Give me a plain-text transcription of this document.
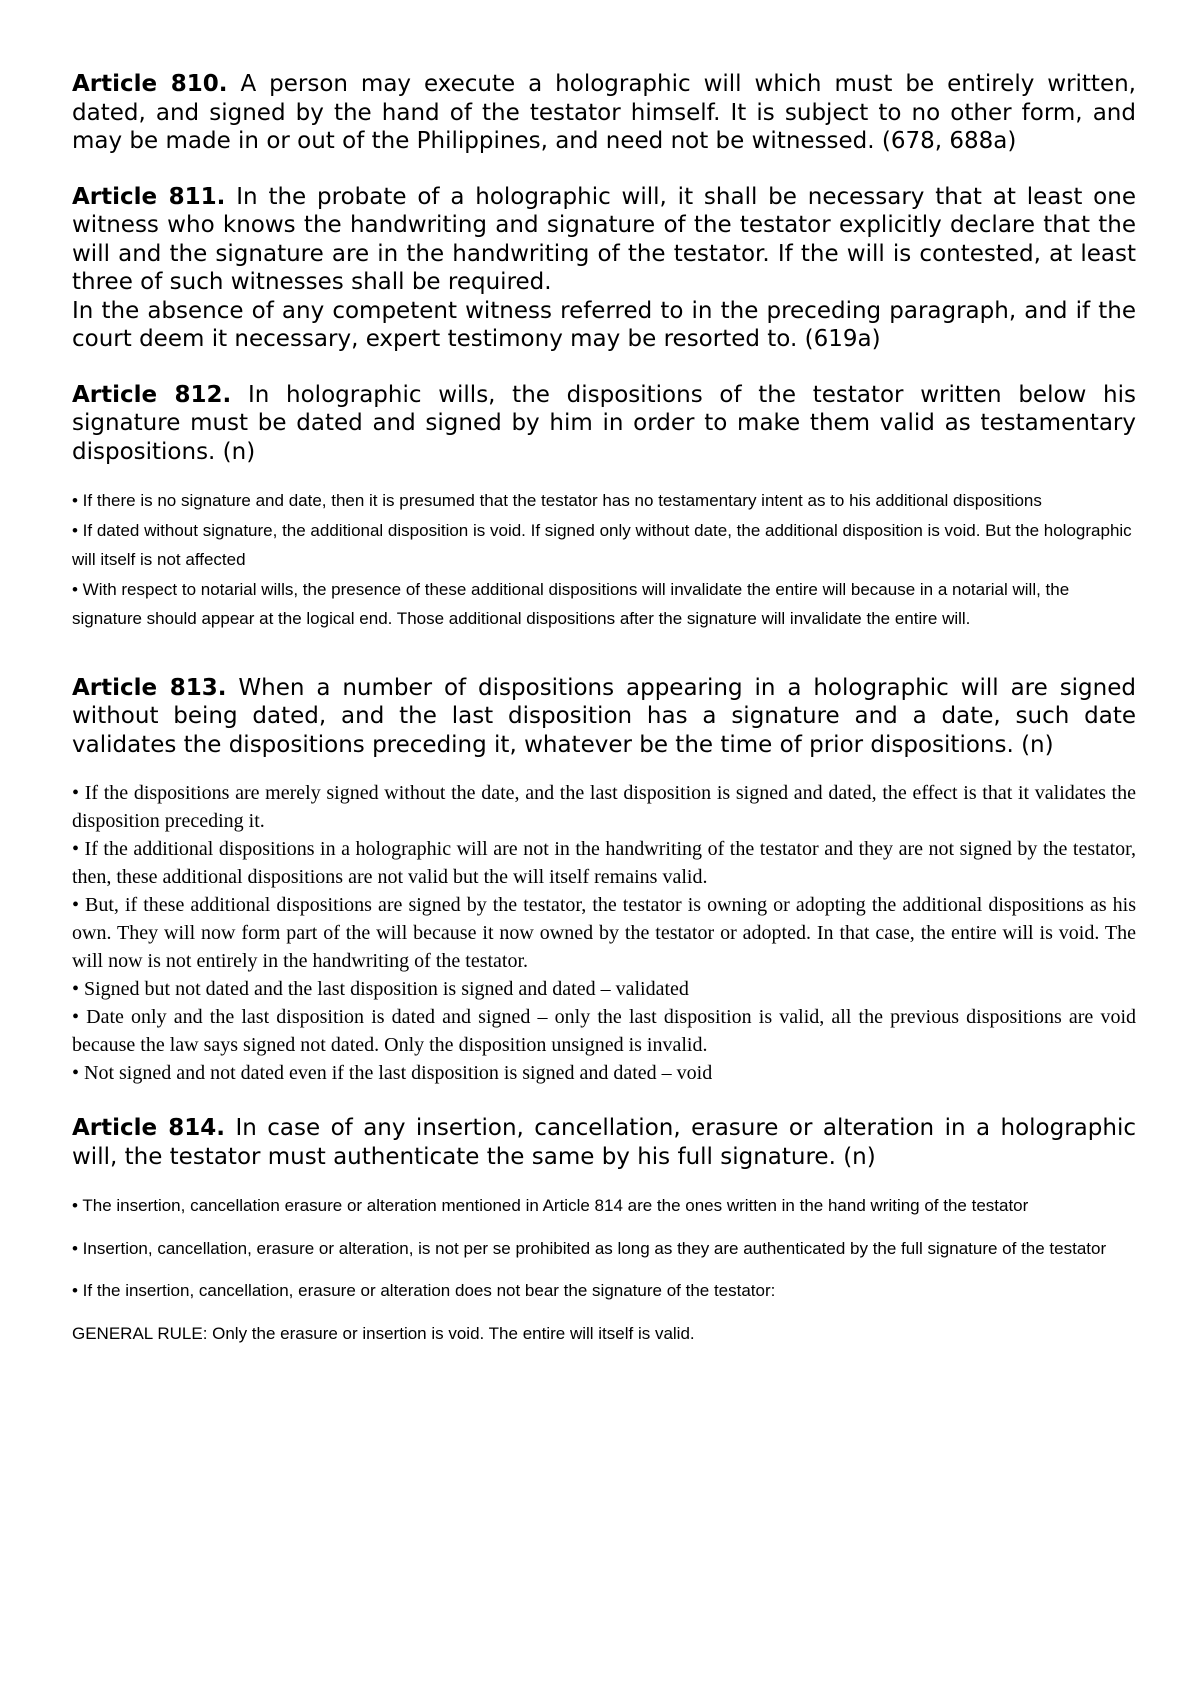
Article 810. A person may execute a holographic will which must be entirely written, dated, and signed by the hand of the testator himself. It is subject to no other form, and may be made in or out of the Philippines, and need not be witnessed. (678, 688a)

Article 811. In the probate of a holographic will, it shall be necessary that at least one witness who knows the handwriting and signature of the testator explicitly declare that the will and the signature are in the handwriting of the testator. If the will is contested, at least three of such witnesses shall be required.

In the absence of any competent witness referred to in the preceding paragraph, and if the court deem it necessary, expert testimony may be resorted to. (619a)

Article 812. In holographic wills, the dispositions of the testator written below his signature must be dated and signed by him in order to make them valid as testamentary dispositions. (n)

• If there is no signature and date, then it is presumed that the testator has no testamentary intent as to his additional dispositions

• If dated without signature, the additional disposition is void. If signed only without date, the additional disposition is void. But the holographic will itself is not affected

• With respect to notarial wills, the presence of these additional dispositions will invalidate the entire will because in a notarial will, the signature should appear at the logical end. Those additional dispositions after the signature will invalidate the entire will.

Article 813. When a number of dispositions appearing in a holographic will are signed without being dated, and the last disposition has a signature and a date, such date validates the dispositions preceding it, whatever be the time of prior dispositions. (n)

• If the dispositions are merely signed without the date, and the last disposition is signed and dated, the effect is that it validates the disposition preceding it.

• If the additional dispositions in a holographic will are not in the handwriting of the testator and they are not signed by the testator, then, these additional dispositions are not valid but the will itself remains valid.

• But, if these additional dispositions are signed by the testator, the testator is owning or adopting the additional dispositions as his own. They will now form part of the will because it now owned by the testator or adopted. In that case, the entire will is void. The will now is not entirely in the handwriting of the testator.

• Signed but not dated and the last disposition is signed and dated – validated

• Date only and the last disposition is dated and signed – only the last disposition is valid, all the previous dispositions are void because the law says signed not dated. Only the disposition unsigned is invalid.

• Not signed and not dated even if the last disposition is signed and dated – void

Article 814. In case of any insertion, cancellation, erasure or alteration in a holographic will, the testator must authenticate the same by his full signature. (n)

• The insertion, cancellation erasure or alteration mentioned in Article 814 are the ones written in the hand writing of the testator

• Insertion, cancellation, erasure or alteration, is not per se prohibited as long as they are authenticated by the full signature of the testator

• If the insertion, cancellation, erasure or alteration does not bear the signature of the testator:

GENERAL RULE: Only the erasure or insertion is void. The entire will itself is valid.
